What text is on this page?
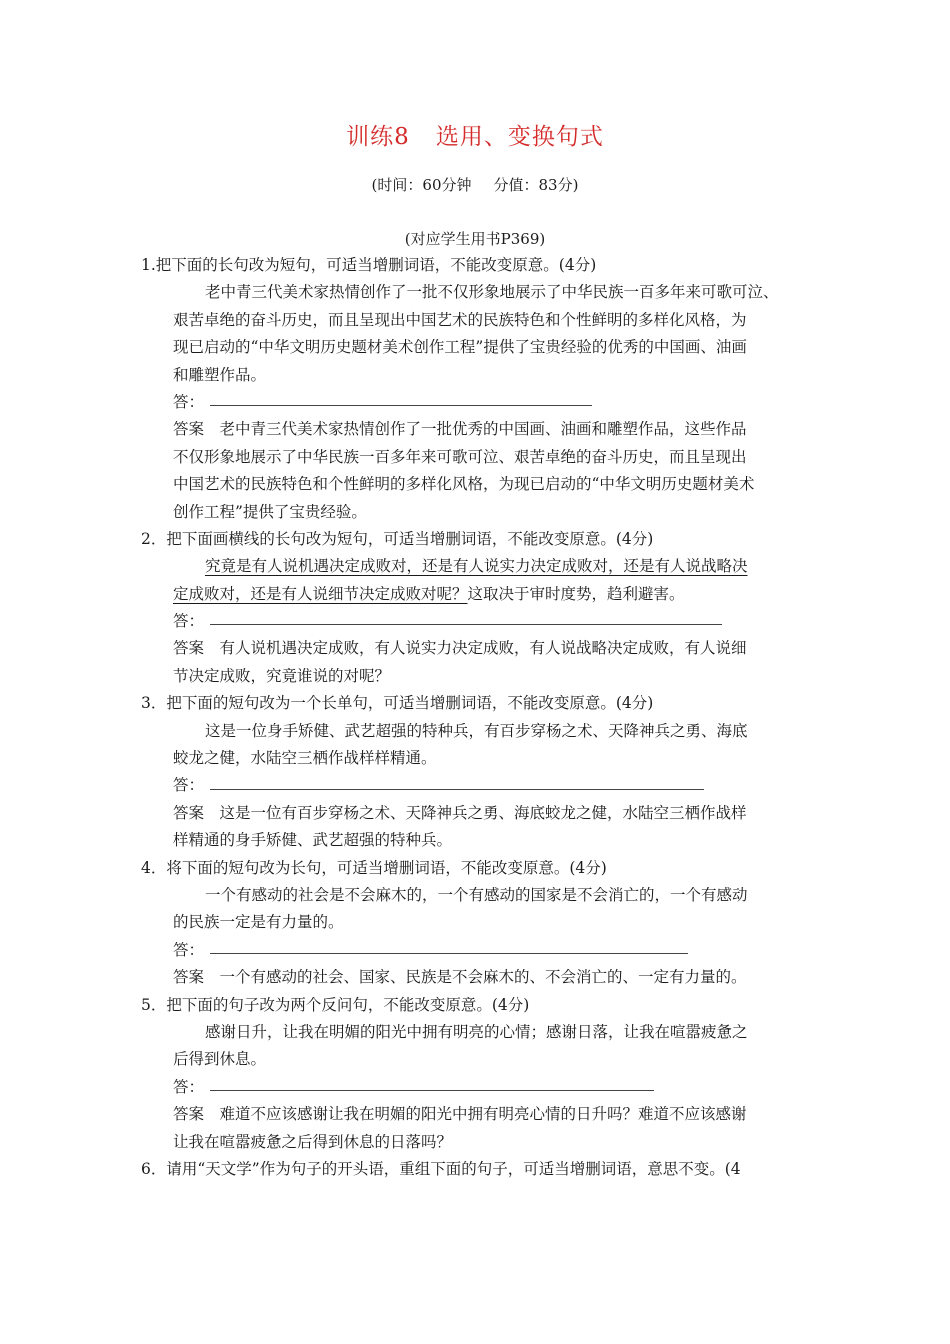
训练8 选用、变换句式
(时间：60分钟 分值：83分)
(对应学生用书P369)
1.把下面的长句改为短句，可适当增删词语，不能改变原意。(4分)
老中青三代美术家热情创作了一批不仅形象地展示了中华民族一百多年来可歌可泣、
艰苦卓绝的奋斗历史，而且呈现出中国艺术的民族特色和个性鲜明的多样化风格，为
现已启动的“中华文明历史题材美术创作工程”提供了宝贵经验的优秀的中国画、油画
和雕塑作品。
答：
答案　老中青三代美术家热情创作了一批优秀的中国画、油画和雕塑作品，这些作品
不仅形象地展示了中华民族一百多年来可歌可泣、艰苦卓绝的奋斗历史，而且呈现出
中国艺术的民族特色和个性鲜明的多样化风格，为现已启动的“中华文明历史题材美术
创作工程”提供了宝贵经验。
2．把下面画横线的长句改为短句，可适当增删词语，不能改变原意。(4分)
究竟是有人说机遇决定成败对，还是有人说实力决定成败对，还是有人说战略决
定成败对，还是有人说细节决定成败对呢？这取决于审时度势，趋利避害。
答：
答案　有人说机遇决定成败，有人说实力决定成败，有人说战略决定成败，有人说细
节决定成败，究竟谁说的对呢？
3．把下面的短句改为一个长单句，可适当增删词语，不能改变原意。(4分)
这是一位身手矫健、武艺超强的特种兵，有百步穿杨之术、天降神兵之勇、海底
蛟龙之健，水陆空三栖作战样样精通。
答：
答案　这是一位有百步穿杨之术、天降神兵之勇、海底蛟龙之健，水陆空三栖作战样
样精通的身手矫健、武艺超强的特种兵。
4．将下面的短句改为长句，可适当增删词语，不能改变原意。(4分)
一个有感动的社会是不会麻木的，一个有感动的国家是不会消亡的，一个有感动
的民族一定是有力量的。
答：
答案　一个有感动的社会、国家、民族是不会麻木的、不会消亡的、一定有力量的。
5．把下面的句子改为两个反问句，不能改变原意。(4分)
感谢日升，让我在明媚的阳光中拥有明亮的心情；感谢日落，让我在喧嚣疲惫之
后得到休息。
答：
答案　难道不应该感谢让我在明媚的阳光中拥有明亮心情的日升吗？难道不应该感谢
让我在喧嚣疲惫之后得到休息的日落吗？
6．请用“天文学”作为句子的开头语，重组下面的句子，可适当增删词语，意思不变。(4
